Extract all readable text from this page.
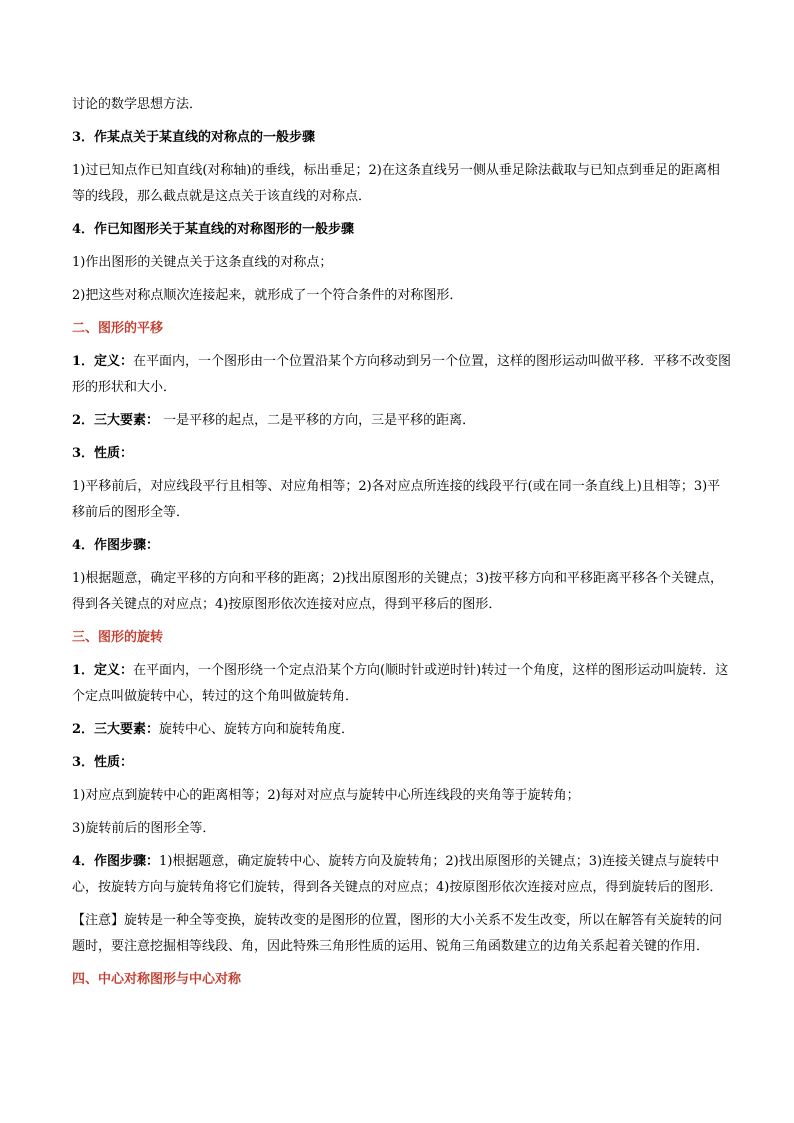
讨论的数学思想方法．

3．作某点关于某直线的对称点的一般步骤

1)过已知点作已知直线(对称轴)的垂线，标出垂足；2)在这条直线另一侧从垂足除法截取与已知点到垂足的距离相等的线段，那么截点就是这点关于该直线的对称点．

4．作已知图形关于某直线的对称图形的一般步骤

1)作出图形的关键点关于这条直线的对称点；

2)把这些对称点顺次连接起来，就形成了一个符合条件的对称图形．

二、图形的平移

1．定义：在平面内，一个图形由一个位置沿某个方向移动到另一个位置，这样的图形运动叫做平移．平移不改变图形的形状和大小．

2．三大要素： 一是平移的起点，二是平移的方向，三是平移的距离．

3．性质：

1)平移前后，对应线段平行且相等、对应角相等；2)各对应点所连接的线段平行(或在同一条直线上)且相等；3)平移前后的图形全等．

4．作图步骤：

1)根据题意，确定平移的方向和平移的距离；2)找出原图形的关键点；3)按平移方向和平移距离平移各个关键点，得到各关键点的对应点；4)按原图形依次连接对应点，得到平移后的图形．

三、图形的旋转

1．定义：在平面内，一个图形绕一个定点沿某个方向(顺时针或逆时针)转过一个角度，这样的图形运动叫旋转．这个定点叫做旋转中心，转过的这个角叫做旋转角．

2．三大要素：旋转中心、旋转方向和旋转角度．

3．性质：

1)对应点到旋转中心的距离相等；2)每对对应点与旋转中心所连线段的夹角等于旋转角；

3)旋转前后的图形全等．

4．作图步骤：1)根据题意，确定旋转中心、旋转方向及旋转角；2)找出原图形的关键点；3)连接关键点与旋转中心，按旋转方向与旋转角将它们旋转，得到各关键点的对应点；4)按原图形依次连接对应点，得到旋转后的图形．

【注意】旋转是一种全等变换，旋转改变的是图形的位置，图形的大小关系不发生改变，所以在解答有关旋转的问题时，要注意挖掘相等线段、角，因此特殊三角形性质的运用、锐角三角函数建立的边角关系起着关键的作用．

四、中心对称图形与中心对称
